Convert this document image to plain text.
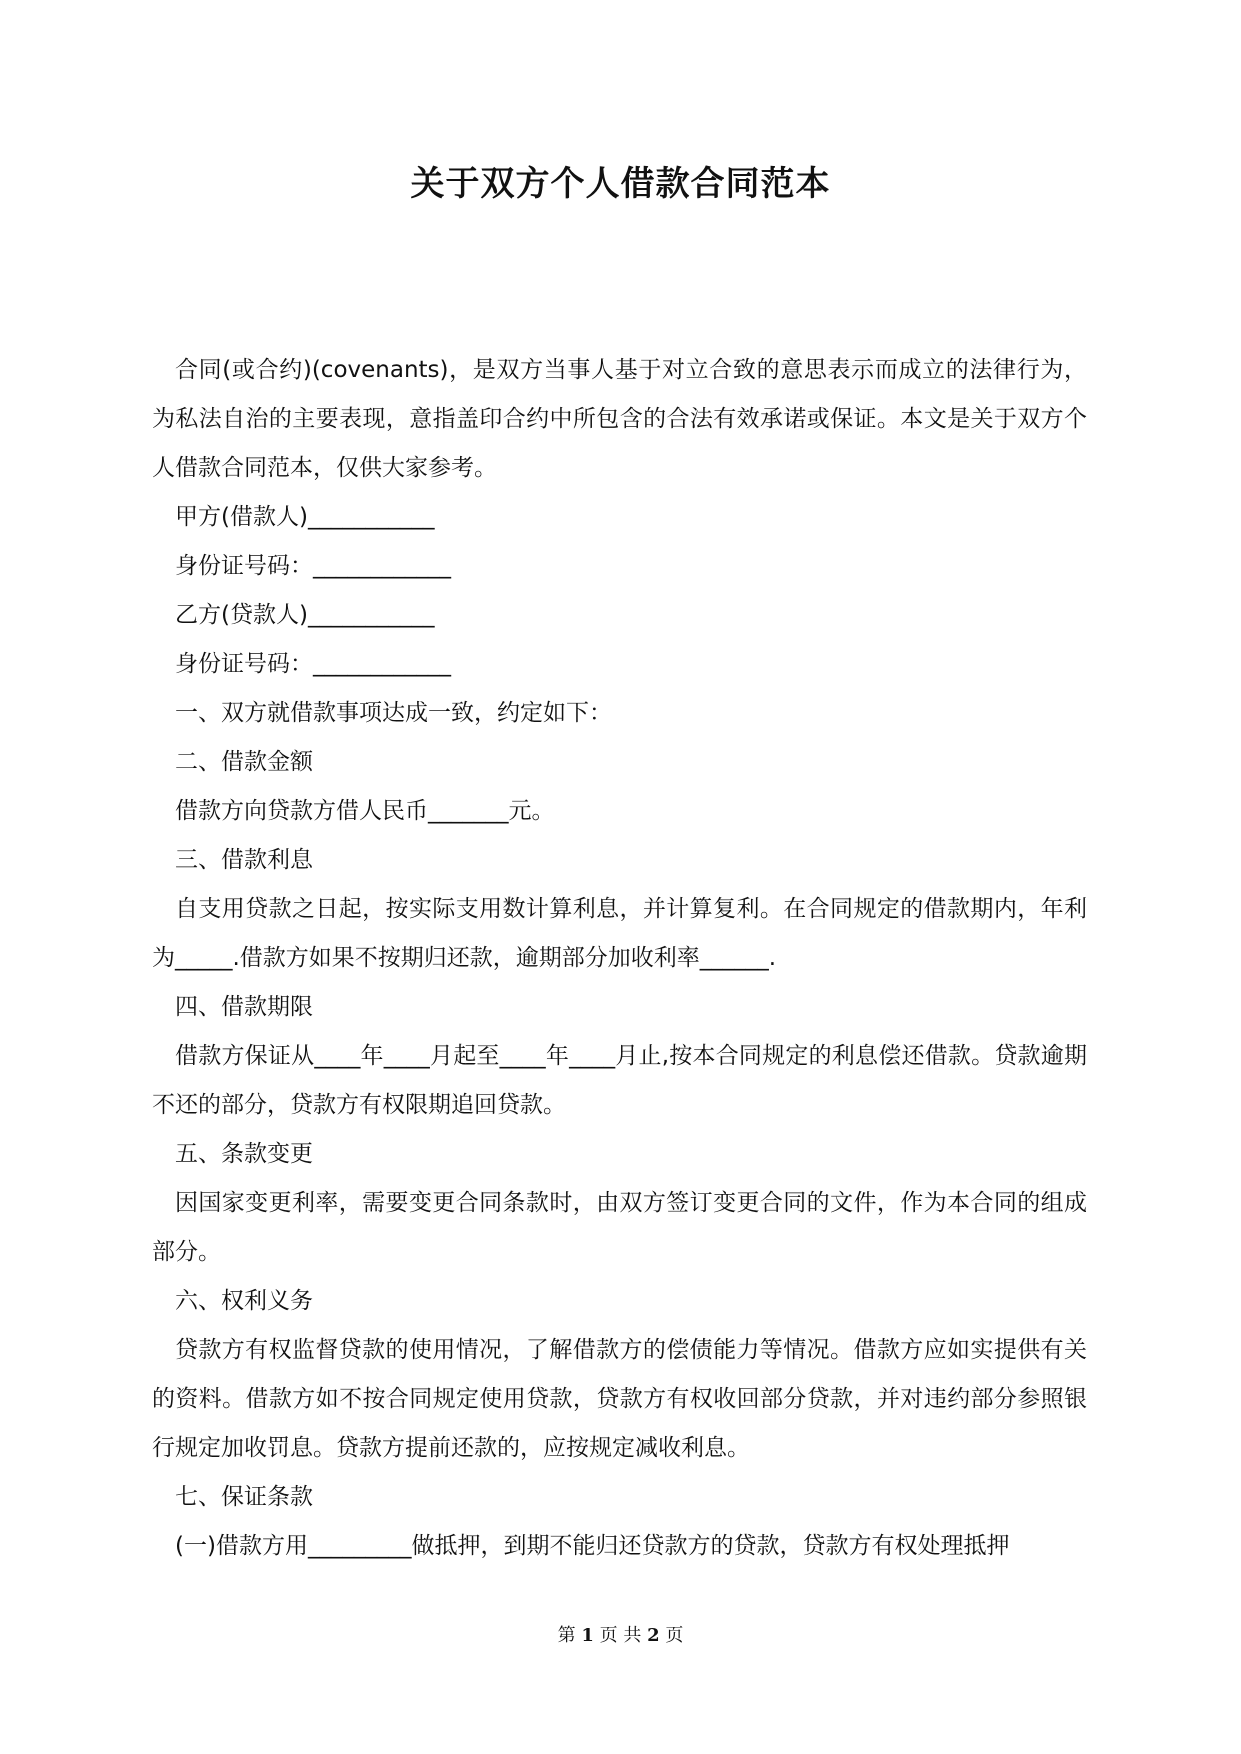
关于双方个人借款合同范本

合同(或合约)(covenants)，是双方当事人基于对立合致的意思表示而成立的法律行为，为私法自治的主要表现，意指盖印合约中所包含的合法有效承诺或保证。本文是关于双方个人借款合同范本，仅供大家参考。

甲方(借款人)___________

身份证号码：____________

乙方(贷款人)___________

身份证号码：____________

一、双方就借款事项达成一致，约定如下：

二、借款金额

借款方向贷款方借人民币_______元。

三、借款利息

自支用贷款之日起，按实际支用数计算利息，并计算复利。在合同规定的借款期内，年利为_____.借款方如果不按期归还款，逾期部分加收利率______.

四、借款期限

借款方保证从____年____月起至____年____月止,按本合同规定的利息偿还借款。贷款逾期不还的部分，贷款方有权限期追回贷款。

五、条款变更

因国家变更利率，需要变更合同条款时，由双方签订变更合同的文件，作为本合同的组成部分。

六、权利义务

贷款方有权监督贷款的使用情况，了解借款方的偿债能力等情况。借款方应如实提供有关的资料。借款方如不按合同规定使用贷款，贷款方有权收回部分贷款，并对违约部分参照银行规定加收罚息。贷款方提前还款的，应按规定减收利息。

七、保证条款

(一)借款方用_________做抵押，到期不能归还贷款方的贷款，贷款方有权处理抵押

第 1 页 共 2 页
